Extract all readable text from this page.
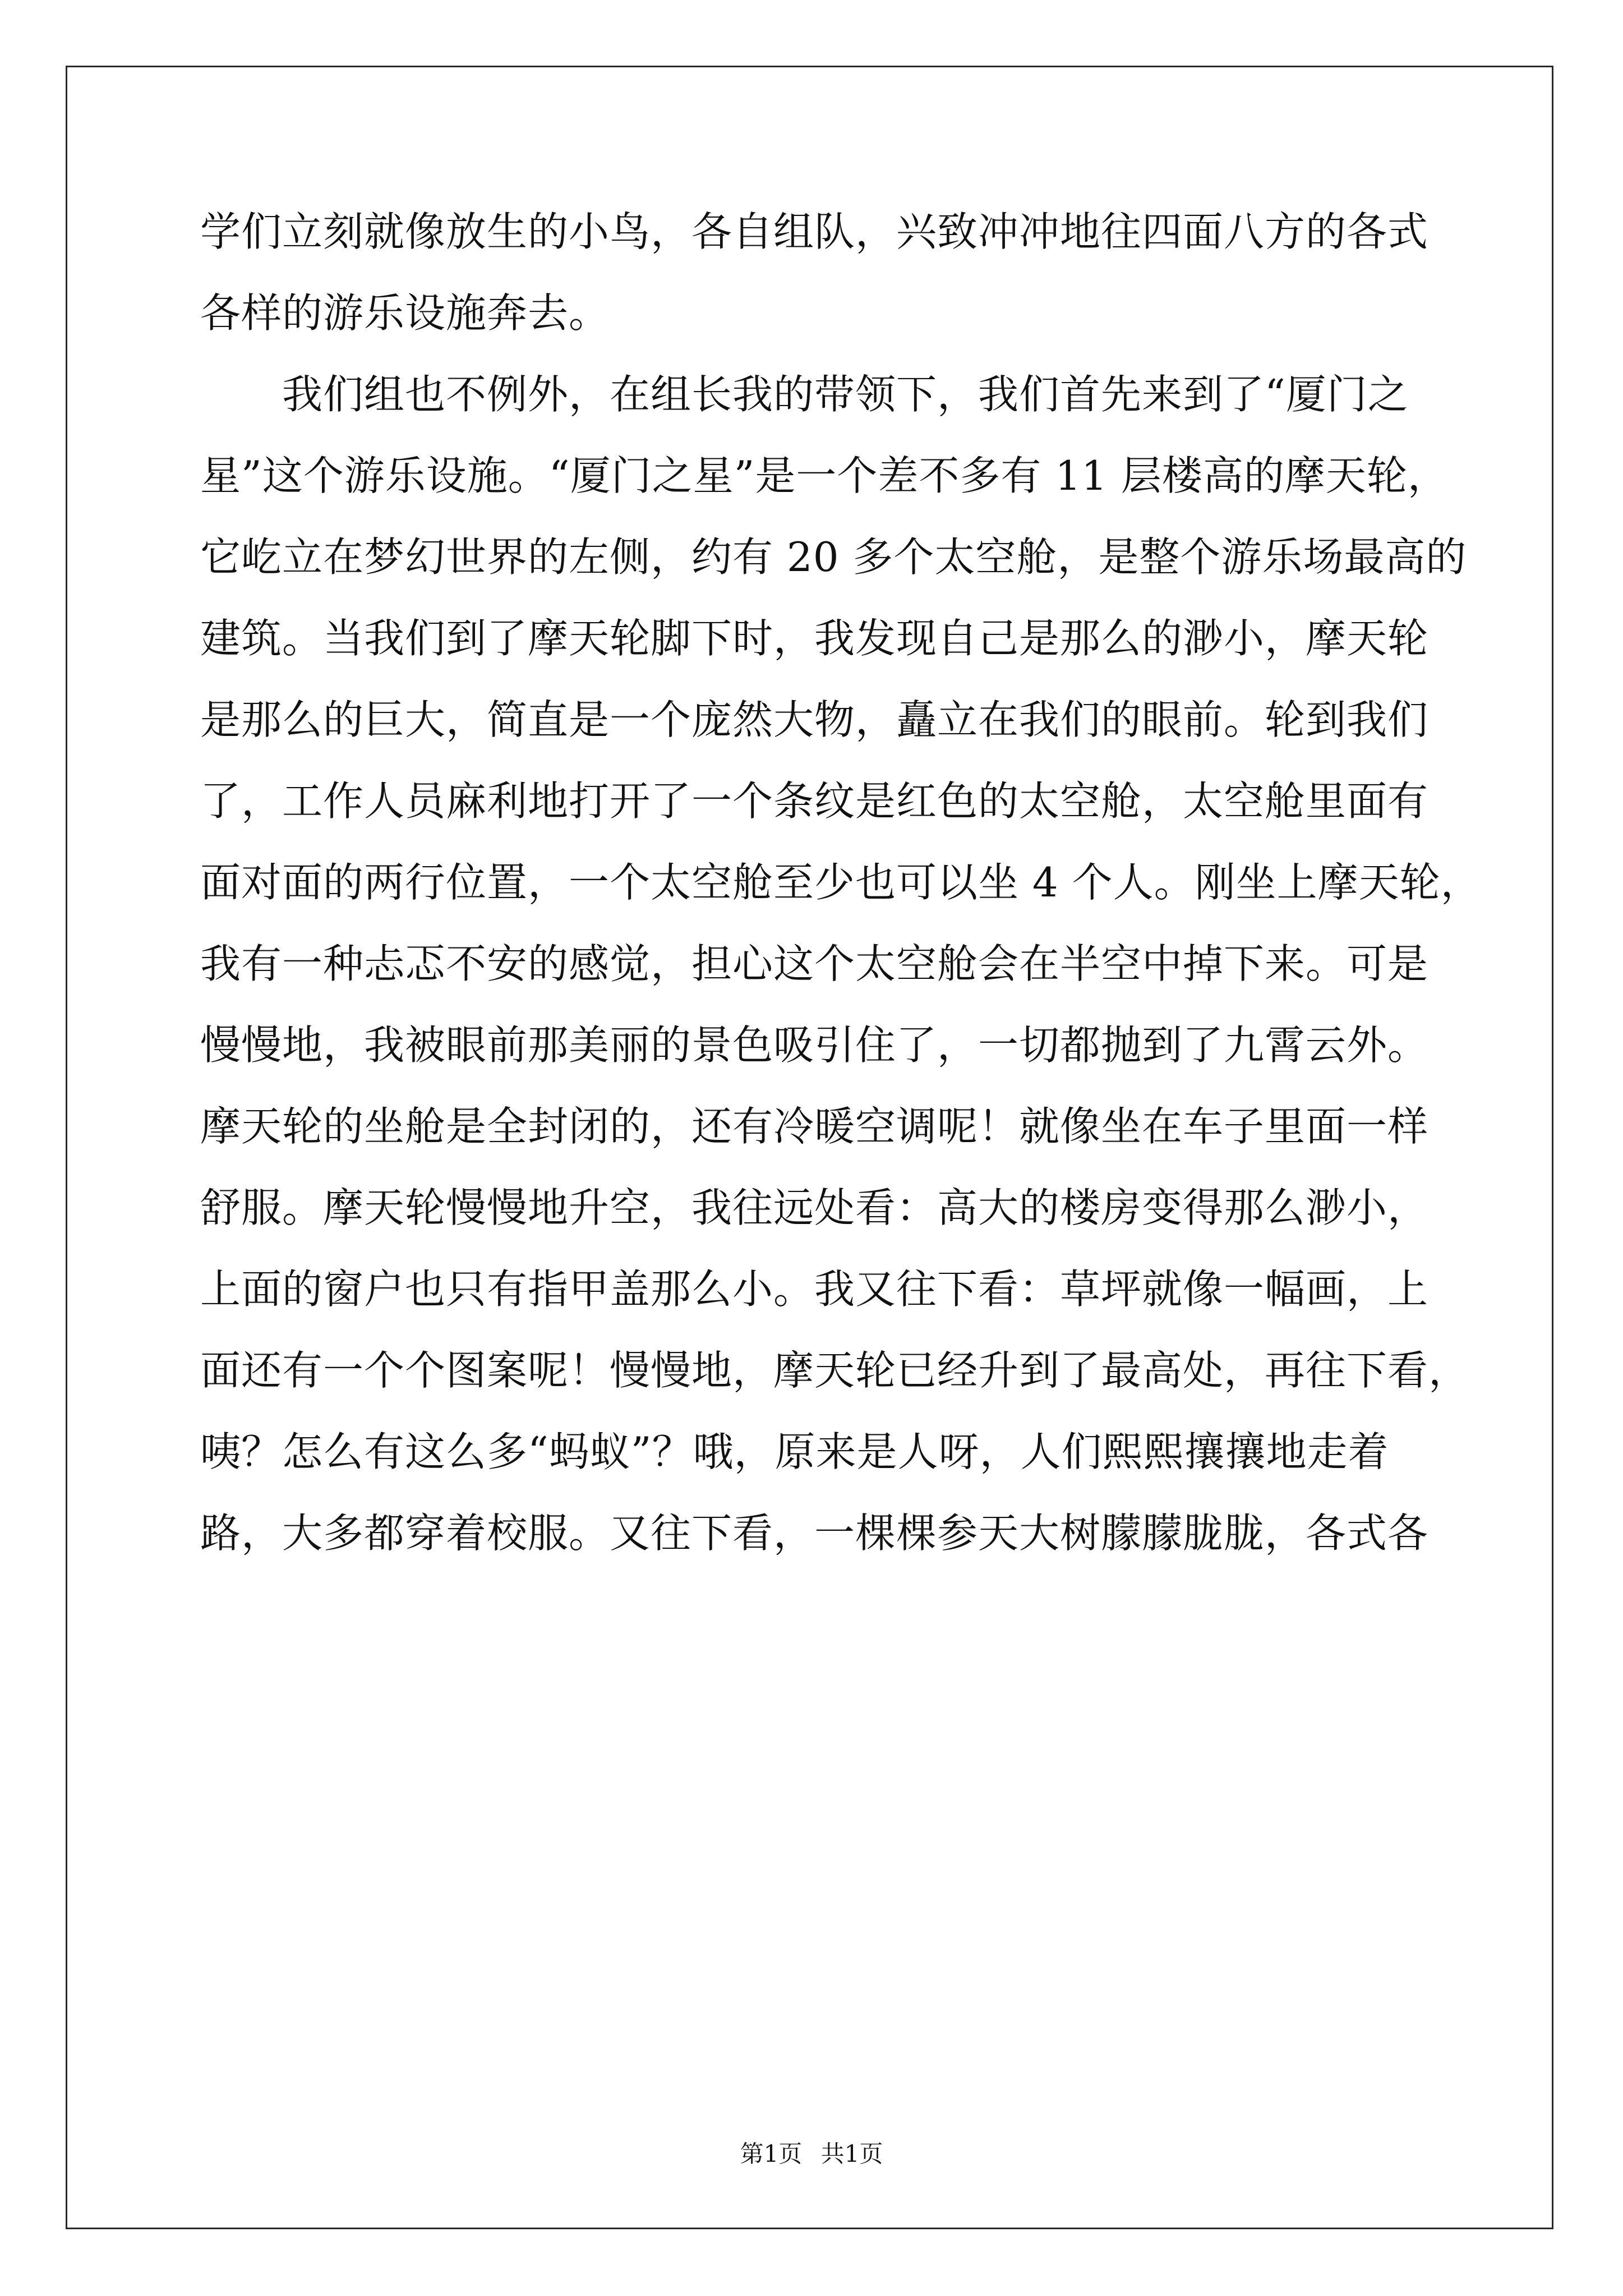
学们立刻就像放生的小鸟，各自组队，兴致冲冲地往四面八方的各式
各样的游乐设施奔去。
　　我们组也不例外，在组长我的带领下，我们首先来到了“厦门之
星”这个游乐设施。“厦门之星”是一个差不多有 11 层楼高的摩天轮，
它屹立在梦幻世界的左侧，约有 20 多个太空舱，是整个游乐场最高的
建筑。当我们到了摩天轮脚下时，我发现自己是那么的渺小，摩天轮
是那么的巨大，简直是一个庞然大物，矗立在我们的眼前。轮到我们
了，工作人员麻利地打开了一个条纹是红色的太空舱，太空舱里面有
面对面的两行位置，一个太空舱至少也可以坐 4 个人。刚坐上摩天轮，
我有一种忐忑不安的感觉，担心这个太空舱会在半空中掉下来。可是
慢慢地，我被眼前那美丽的景色吸引住了，一切都抛到了九霄云外。
摩天轮的坐舱是全封闭的，还有冷暖空调呢！就像坐在车子里面一样
舒服。摩天轮慢慢地升空，我往远处看：高大的楼房变得那么渺小，
上面的窗户也只有指甲盖那么小。我又往下看：草坪就像一幅画，上
面还有一个个图案呢！慢慢地，摩天轮已经升到了最高处，再往下看，
咦？怎么有这么多“蚂蚁”？哦，原来是人呀，人们熙熙攘攘地走着
路，大多都穿着校服。又往下看，一棵棵参天大树朦朦胧胧，各式各
第1页 共1页
